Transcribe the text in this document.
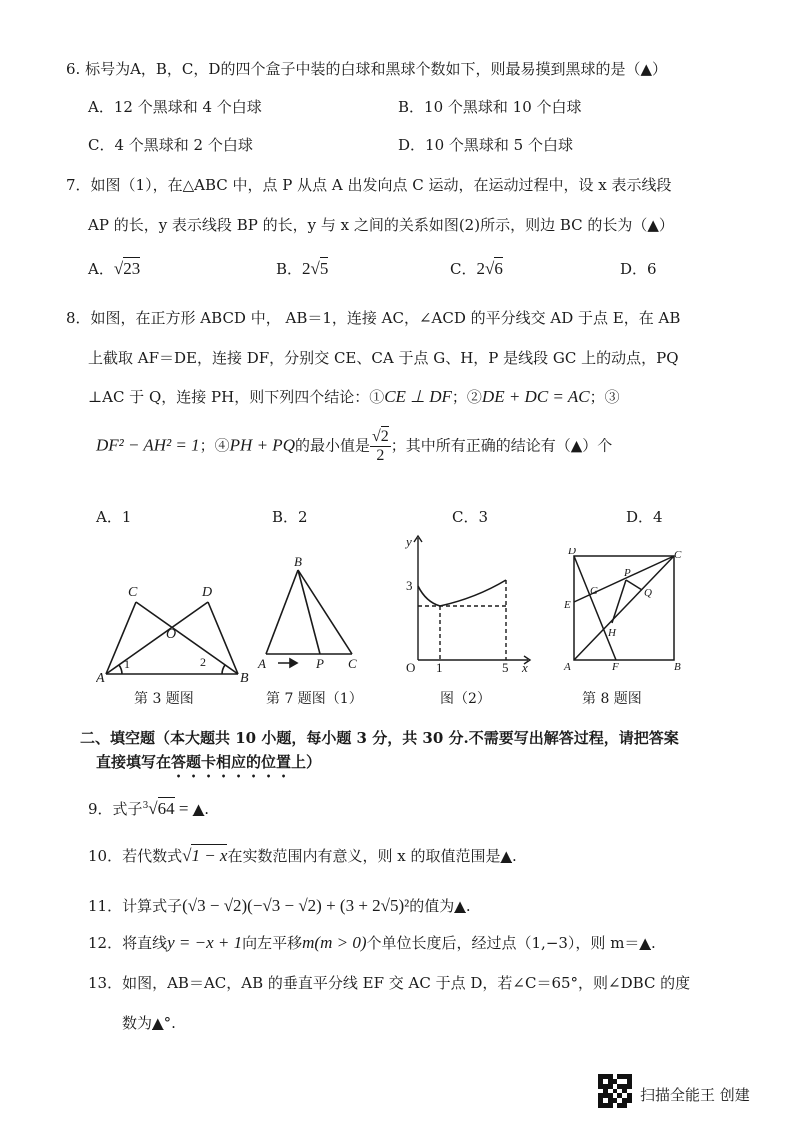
6. 标号为A，B，C，D的四个盒子中装的白球和黑球个数如下，则最易摸到黑球的是（▲）
A．12 个黑球和 4 个白球	B．10 个黑球和 10 个白球
C．4 个黑球和 2 个白球	D．10 个黑球和 5 个白球
7．如图（1），在△ABC 中，点 P 从点 A 出发向点 C 运动，在运动过程中，设 x 表示线段
AP 的长，y 表示线段 BP 的长，y 与 x 之间的关系如图(2)所示，则边 BC 的长为（▲）
A．√23	B．2√5	C．2√6	D．6
8．如图，在正方形 ABCD 中， AB＝1，连接 AC，∠ACD 的平分线交 AD 于点 E，在 AB
上截取 AF＝DE，连接 DF，分别交 CE、CA 于点 G、H，P 是线段 GC 上的动点，PQ
⊥AC 于 Q，连接 PH，则下列四个结论：①CE ⊥ DF；②DE + DC = AC；③
DF² − AH² = 1；④PH + PQ的最小值是 $\frac{√2}{2}$ ；其中所有正确的结论有（▲）个
A．1	B．2	C．3	D．4
C	D
O
A	B
1	2
第 3 题图
B
A	P C
第 7 题图（1）
y
3
O 1	5 x
图（2）
D	C
G
P
E
Q
H
A	F	B
第 8 题图
二、填空题（本大题共 10 小题，每小题 3 分，共 30 分.不需要写出解答过程，请把答案
直接填写在答题卡相应的位置上）
9．式子$^3$√64 = ▲.
10．若代数式√1 − x在实数范围内有意义，则 x 的取值范围是▲.
11．计算式子(√3 − √2)(−√3 − √2) + (3 + 2√5)²的值为▲.
12．将直线y = −x + 1向左平移m(m > 0)个单位长度后，经过点（1,−3），则 m＝▲.
13．如图，AB＝AC，AB 的垂直平分线 EF 交 AC 于点 D，若∠C＝65°，则∠DBC 的度
数为▲°.
扫描全能王 创建
